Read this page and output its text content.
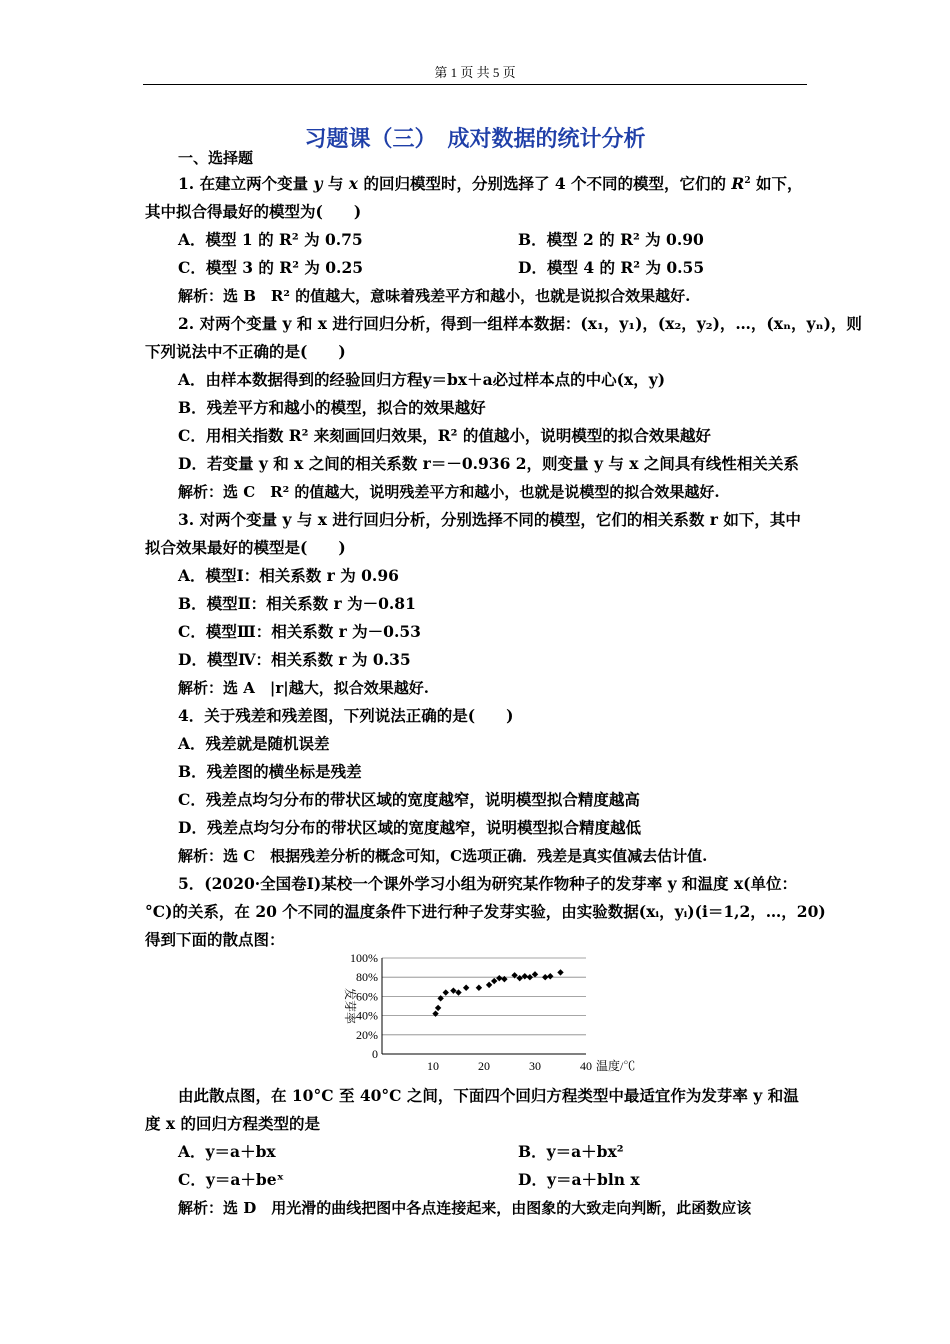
第 1 页 共 5 页
习题课（三）　成对数据的统计分析
一、选择题
1. 在建立两个变量 y 与 x 的回归模型时，分别选择了 4 个不同的模型，它们的 $R^2$ 如下，
其中拟合得最好的模型为(　　)
A．模型 1 的 R² 为 0.75	B．模型 2 的 R² 为 0.90
C．模型 3 的 R² 为 0.25	D．模型 4 的 R² 为 0.55
解析：选 B　R² 的值越大，意味着残差平方和越小，也就是说拟合效果越好.
2. 对两个变量 y 和 x 进行回归分析，得到一组样本数据：(x₁，y₁)，(x₂，y₂)，…，(xₙ，yₙ)，则
下列说法中不正确的是(　　)
A．由样本数据得到的经验回归方程y＝bx＋a必过样本点的中心(x，y)
B．残差平方和越小的模型，拟合的效果越好
C．用相关指数 R² 来刻画回归效果，R² 的值越小，说明模型的拟合效果越好
D．若变量 y 和 x 之间的相关系数 r＝－0.936 2，则变量 y 与 x 之间具有线性相关关系
解析：选 C　R² 的值越大，说明残差平方和越小，也就是说模型的拟合效果越好.
3. 对两个变量 y 与 x 进行回归分析，分别选择不同的模型，它们的相关系数 r 如下，其中
拟合效果最好的模型是(　　)
A．模型Ⅰ：相关系数 r 为 0.96
B．模型Ⅱ：相关系数 r 为－0.81
C．模型Ⅲ：相关系数 r 为－0.53
D．模型Ⅳ：相关系数 r 为 0.35
解析：选 A　|r|越大，拟合效果越好.
4．关于残差和残差图，下列说法正确的是(　　)
A．残差就是随机误差
B．残差图的横坐标是残差
C．残差点均匀分布的带状区域的宽度越窄，说明模型拟合精度越高
D．残差点均匀分布的带状区域的宽度越窄，说明模型拟合精度越低
解析：选 C　根据残差分析的概念可知，C选项正确．残差是真实值减去估计值.
5．(2020·全国卷Ⅰ)某校一个课外学习小组为研究某作物种子的发芽率 y 和温度 x(单位：
°C)的关系，在 20 个不同的温度条件下进行种子发芽实验，由实验数据(xᵢ，yᵢ)(i＝1,2，…，20)
得到下面的散点图：
0
20%
40%
60%
80%
100%
10	20	30	40 温度/℃
发芽率
由此散点图，在 10°C 至 40°C 之间，下面四个回归方程类型中最适宜作为发芽率 y 和温
度 x 的回归方程类型的是
A．y＝a＋bx	B．y＝a＋bx²
C．y＝a＋beˣ	D．y＝a＋bln x
解析：选 D　用光滑的曲线把图中各点连接起来，由图象的大致走向判断，此函数应该
